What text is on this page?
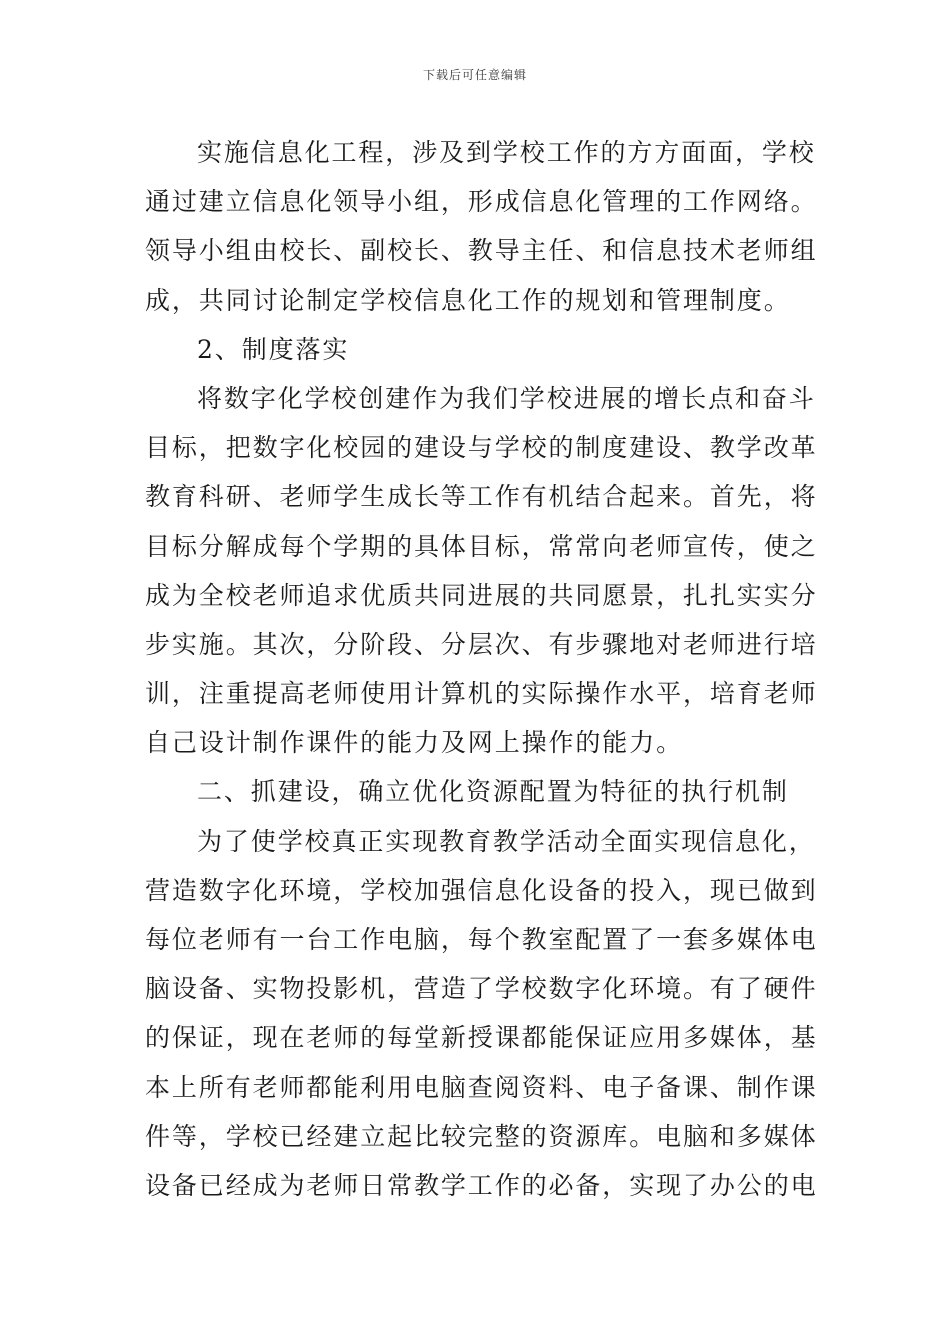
下载后可任意编辑
实施信息化工程，涉及到学校工作的方方面面，学校
通过建立信息化领导小组，形成信息化管理的工作网络。
领导小组由校长、副校长、教导主任、和信息技术老师组
成，共同讨论制定学校信息化工作的规划和管理制度。
2、制度落实
将数字化学校创建作为我们学校进展的增长点和奋斗
目标，把数字化校园的建设与学校的制度建设、教学改革
教育科研、老师学生成长等工作有机结合起来。首先，将
目标分解成每个学期的具体目标，常常向老师宣传，使之
成为全校老师追求优质共同进展的共同愿景，扎扎实实分
步实施。其次，分阶段、分层次、有步骤地对老师进行培
训，注重提高老师使用计算机的实际操作水平，培育老师
自己设计制作课件的能力及网上操作的能力。
二、抓建设，确立优化资源配置为特征的执行机制
为了使学校真正实现教育教学活动全面实现信息化，
营造数字化环境，学校加强信息化设备的投入，现已做到
每位老师有一台工作电脑，每个教室配置了一套多媒体电
脑设备、实物投影机，营造了学校数字化环境。有了硬件
的保证，现在老师的每堂新授课都能保证应用多媒体，基
本上所有老师都能利用电脑查阅资料、电子备课、制作课
件等，学校已经建立起比较完整的资源库。电脑和多媒体
设备已经成为老师日常教学工作的必备，实现了办公的电
